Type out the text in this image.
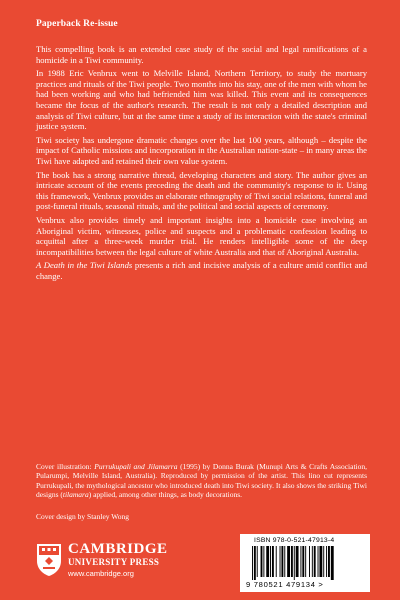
Paperback Re-issue

This compelling book is an extended case study of the social and legal ramifications of a homicide in a Tiwi community.

In 1988 Eric Venbrux went to Melville Island, Northern Territory, to study the mortuary practices and rituals of the Tiwi people. Two months into his stay, one of the men with whom he had been working and who had befriended him was killed. This event and its consequences became the focus of the author's research. The result is not only a detailed description and analysis of Tiwi culture, but at the same time a study of its interaction with the state's criminal justice system.

Tiwi society has undergone dramatic changes over the last 100 years, although – despite the impact of Catholic missions and incorporation in the Australian nation-state – in many areas the Tiwi have adapted and retained their own value system.

The book has a strong narrative thread, developing characters and story. The author gives an intricate account of the events preceding the death and the community's response to it. Using this framework, Venbrux provides an elaborate ethnography of Tiwi social relations, funeral and post-funeral rituals, seasonal rituals, and the political and social aspects of ceremony.

Venbrux also provides timely and important insights into a homicide case involving an Aboriginal victim, witnesses, police and suspects and a problematic confession leading to acquittal after a three-week murder trial. He renders intelligible some of the deep incompatibilities between the legal culture of white Australia and that of Aboriginal Australia.

A Death in the Tiwi Islands presents a rich and incisive analysis of a culture amid conflict and change.

Cover illustration: Purrukupali and Jilamarra (1995) by Donna Burak (Munupi Arts & Crafts Association, Pularumpi, Melville Island, Australia). Reproduced by permission of the artist. This lino cut represents Purrukupali, the mythological ancestor who introduced death into Tiwi society. It also shows the striking Tiwi designs (tilamara) applied, among other things, as body decorations.

Cover design by Stanley Wong
CAMBRIDGE
UNIVERSITY PRESS
www.cambridge.org
ISBN 978-0-521-47913-4
9 780521 479134 >
